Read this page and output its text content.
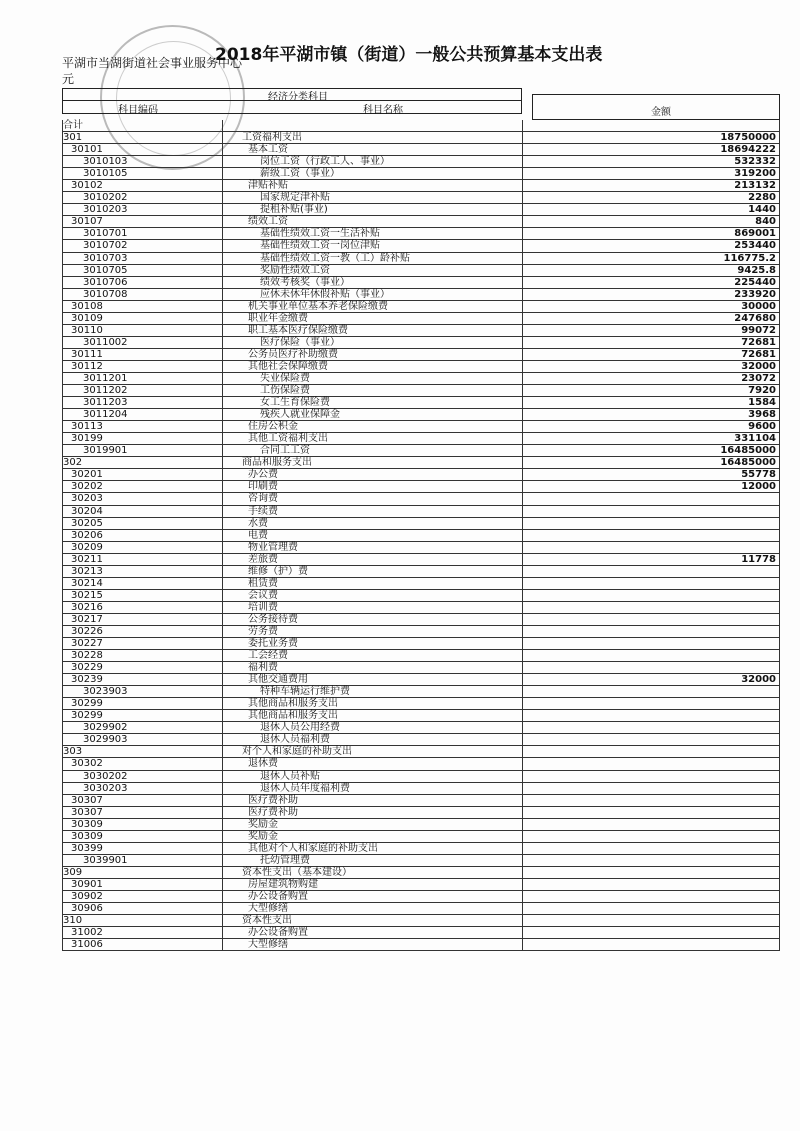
2018年平湖市镇（街道）一般公共预算基本支出表
平湖市当湖街道社会事业服务中心
元
经济分类科目
科目编码	科目名称	金额
合计
301	工资福利支出	18750000
30101	基本工资	18694222
3010103	岗位工资（行政工人、事业）	532332
3010105	薪级工资（事业）	319200
30102	津贴补贴	213132
3010202	国家规定津补贴	2280
3010203	提租补贴(事业)	1440
30107	绩效工资	840
3010701	基础性绩效工资一生活补贴	869001
3010702	基础性绩效工资一岗位津贴	253440
3010703	基础性绩效工资一教（工）龄补贴	116775.2
3010705	奖励性绩效工资	9425.8
3010706	绩效考核奖（事业）	225440
3010708	应休未休年休假补贴（事业）	233920
30108	机关事业单位基本养老保险缴费	30000
30109	职业年金缴费	247680
30110	职工基本医疗保险缴费	99072
3011002	医疗保险（事业）	72681
30111	公务员医疗补助缴费	72681
30112	其他社会保障缴费	32000
3011201	失业保险费	23072
3011202	工伤保险费	7920
3011203	女工生育保险费	1584
3011204	残疾人就业保障金	3968
30113	住房公积金	9600
30199	其他工资福利支出	331104
3019901	合同工工资	16485000
302	商品和服务支出	16485000
30201	办公费	55778
30202	印刷费	12000
30203	咨询费
30204	手续费
30205	水费
30206	电费
30209	物业管理费
30211	差旅费	11778
30213	维修（护）费
30214	租赁费
30215	会议费
30216	培训费
30217	公务接待费
30226	劳务费
30227	委托业务费
30228	工会经费
30229	福利费
30239	其他交通费用	32000
3023903	特种车辆运行维护费
30299	其他商品和服务支出
30299	其他商品和服务支出
3029902	退休人员公用经费
3029903	退休人员福利费
303	对个人和家庭的补助支出
30302	退休费
3030202	退休人员补贴
3030203	退休人员年度福利费
30307	医疗费补助
30307	医疗费补助
30309	奖励金
30309	奖励金
30399	其他对个人和家庭的补助支出
3039901	托幼管理费
309	资本性支出（基本建设）
30901	房屋建筑物购建
30902	办公设备购置
30906	大型修缮
310	资本性支出
31002	办公设备购置
31006	大型修缮
